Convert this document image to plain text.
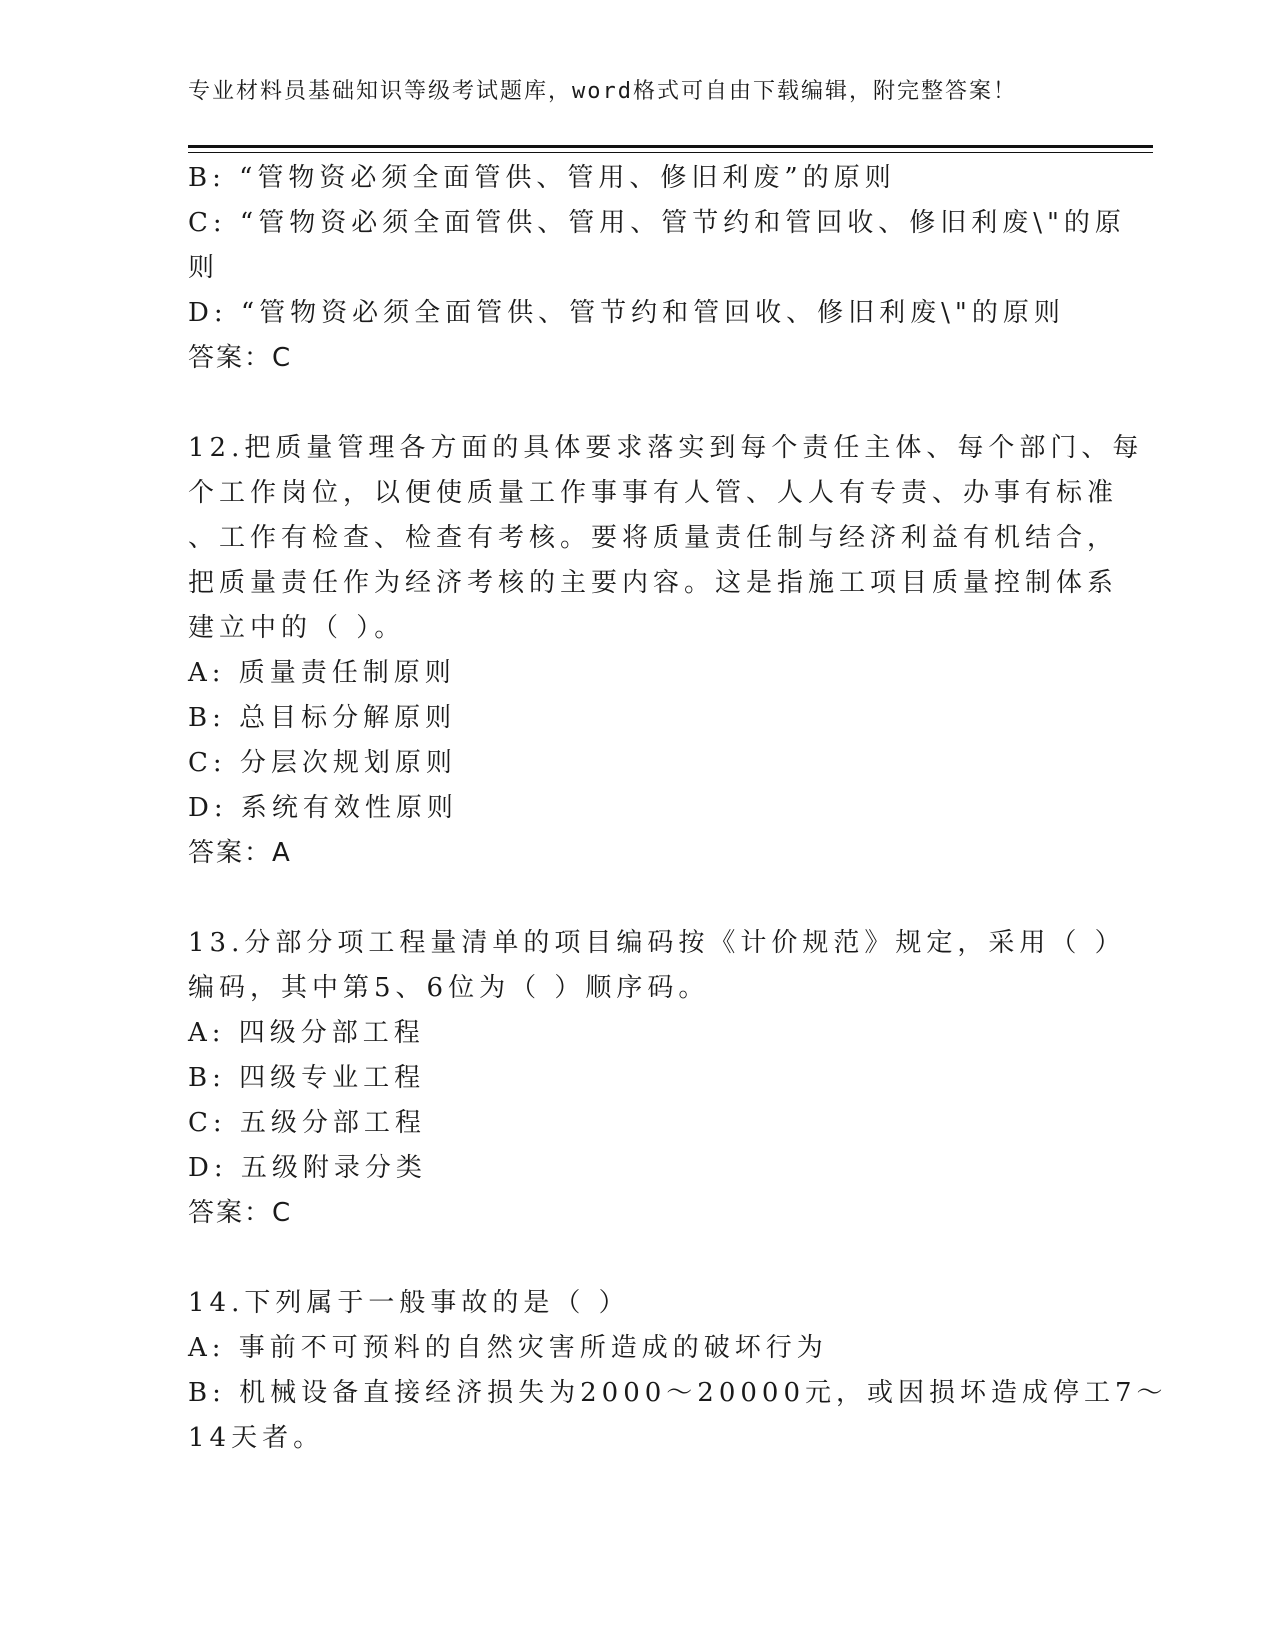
专业材料员基础知识等级考试题库，word格式可自由下载编辑，附完整答案！
B: “管物资必须全面管供、管用、修旧利废”的原则
C: “管物资必须全面管供、管用、管节约和管回收、修旧利废\"的原
则
D: “管物资必须全面管供、管节约和管回收、修旧利废\"的原则
答案：C
12.把质量管理各方面的具体要求落实到每个责任主体、每个部门、每
个工作岗位，以便使质量工作事事有人管、人人有专责、办事有标准
、工作有检查、检查有考核。要将质量责任制与经济利益有机结合，
把质量责任作为经济考核的主要内容。这是指施工项目质量控制体系
建立中的（ ）。
A: 质量责任制原则
B: 总目标分解原则
C: 分层次规划原则
D: 系统有效性原则
答案：A
13.分部分项工程量清单的项目编码按《计价规范》规定，采用（ ）
编码，其中第5、6位为（ ）顺序码。
A: 四级分部工程
B: 四级专业工程
C: 五级分部工程
D: 五级附录分类
答案：C
14.下列属于一般事故的是（ ）
A: 事前不可预料的自然灾害所造成的破坏行为
B: 机械设备直接经济损失为2000～20000元，或因损坏造成停工7～
14天者。
